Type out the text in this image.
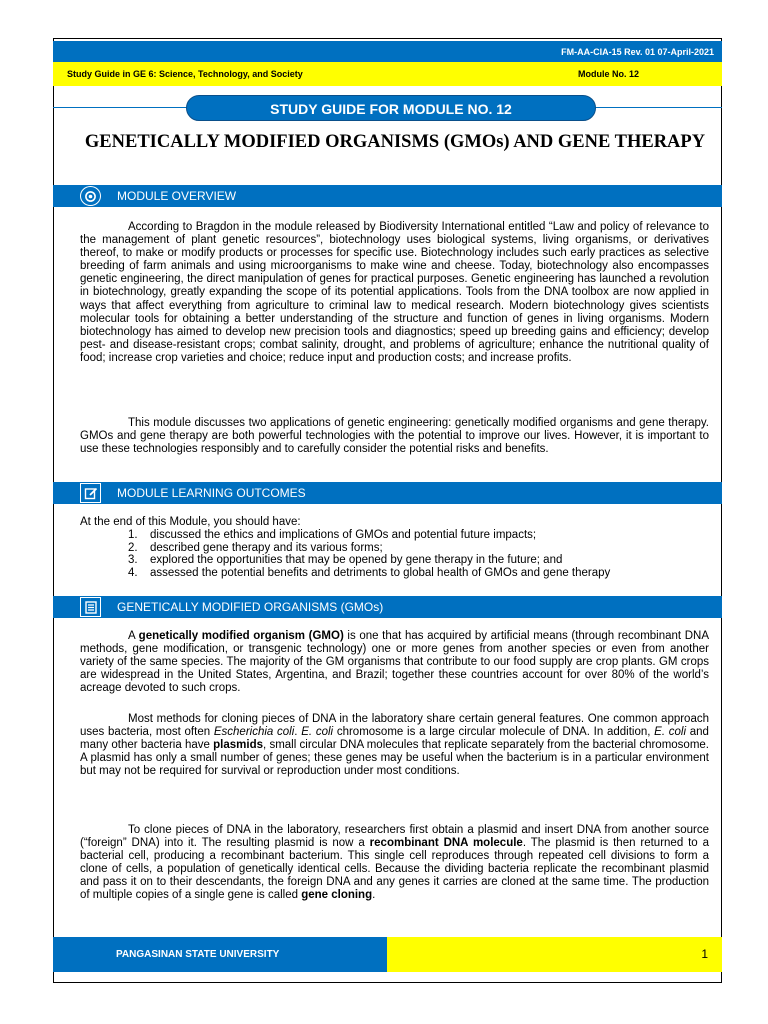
FM-AA-CIA-15 Rev. 01 07-April-2021
Study Guide in GE 6: Science, Technology, and Society	Module No. 12
STUDY GUIDE FOR MODULE NO. 12
GENETICALLY MODIFIED ORGANISMS (GMOs) AND GENE THERAPY
MODULE OVERVIEW
According to Bragdon in the module released by Biodiversity International entitled “Law and policy of relevance to the management of plant genetic resources”, biotechnology uses biological systems, living organisms, or derivatives thereof, to make or modify products or processes for specific use. Biotechnology includes such early practices as selective breeding of farm animals and using microorganisms to make wine and cheese. Today, biotechnology also encompasses genetic engineering, the direct manipulation of genes for practical purposes. Genetic engineering has launched a revolution in biotechnology, greatly expanding the scope of its potential applications. Tools from the DNA toolbox are now applied in ways that affect everything from agriculture to criminal law to medical research. Modern biotechnology gives scientists molecular tools for obtaining a better understanding of the structure and function of genes in living organisms. Modern biotechnology has aimed to develop new precision tools and diagnostics; speed up breeding gains and efficiency; develop pest- and disease-resistant crops; combat salinity, drought, and problems of agriculture; enhance the nutritional quality of food; increase crop varieties and choice; reduce input and production costs; and increase profits.
This module discusses two applications of genetic engineering: genetically modified organisms and gene therapy. GMOs and gene therapy are both powerful technologies with the potential to improve our lives. However, it is important to use these technologies responsibly and to carefully consider the potential risks and benefits.
MODULE LEARNING OUTCOMES
At the end of this Module, you should have:
1. discussed the ethics and implications of GMOs and potential future impacts;
2. described gene therapy and its various forms;
3. explored the opportunities that may be opened by gene therapy in the future; and
4. assessed the potential benefits and detriments to global health of GMOs and gene therapy
GENETICALLY MODIFIED ORGANISMS (GMOs)
A genetically modified organism (GMO) is one that has acquired by artificial means (through recombinant DNA methods, gene modification, or transgenic technology) one or more genes from another species or even from another variety of the same species. The majority of the GM organisms that contribute to our food supply are crop plants. GM crops are widespread in the United States, Argentina, and Brazil; together these countries account for over 80% of the world’s acreage devoted to such crops.
Most methods for cloning pieces of DNA in the laboratory share certain general features. One common approach uses bacteria, most often Escherichia coli. E. coli chromosome is a large circular molecule of DNA. In addition, E. coli and many other bacteria have plasmids, small circular DNA molecules that replicate separately from the bacterial chromosome. A plasmid has only a small number of genes; these genes may be useful when the bacterium is in a particular environment but may not be required for survival or reproduction under most conditions.
To clone pieces of DNA in the laboratory, researchers first obtain a plasmid and insert DNA from another source (“foreign” DNA) into it. The resulting plasmid is now a recombinant DNA molecule. The plasmid is then returned to a bacterial cell, producing a recombinant bacterium. This single cell reproduces through repeated cell divisions to form a clone of cells, a population of genetically identical cells. Because the dividing bacteria replicate the recombinant plasmid and pass it on to their descendants, the foreign DNA and any genes it carries are cloned at the same time. The production of multiple copies of a single gene is called gene cloning.
PANGASINAN STATE UNIVERSITY	1
